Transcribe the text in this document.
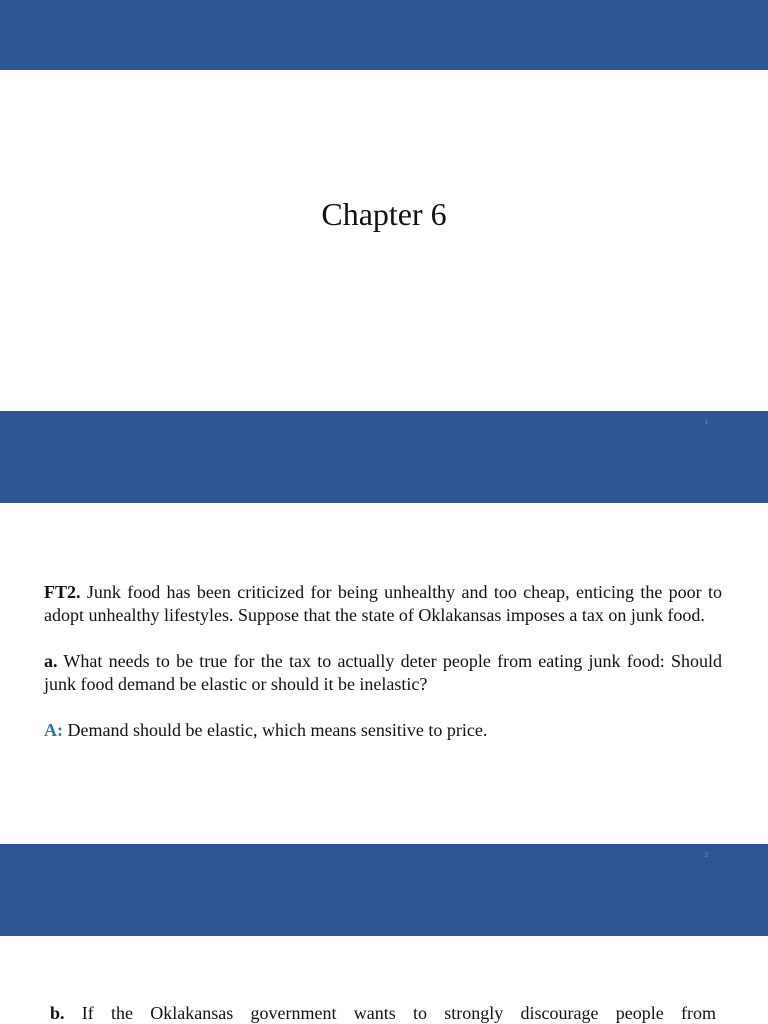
Chapter 6
1

FT2. Junk food has been criticized for being unhealthy and too cheap, enticing the poor to adopt unhealthy lifestyles. Suppose that the state of Oklakansas imposes a tax on junk food.

a. What needs to be true for the tax to actually deter people from eating junk food: Should junk food demand be elastic or should it be inelastic?

A: Demand should be elastic, which means sensitive to price.

2

b. If the Oklakansas government wants to strongly discourage people from
